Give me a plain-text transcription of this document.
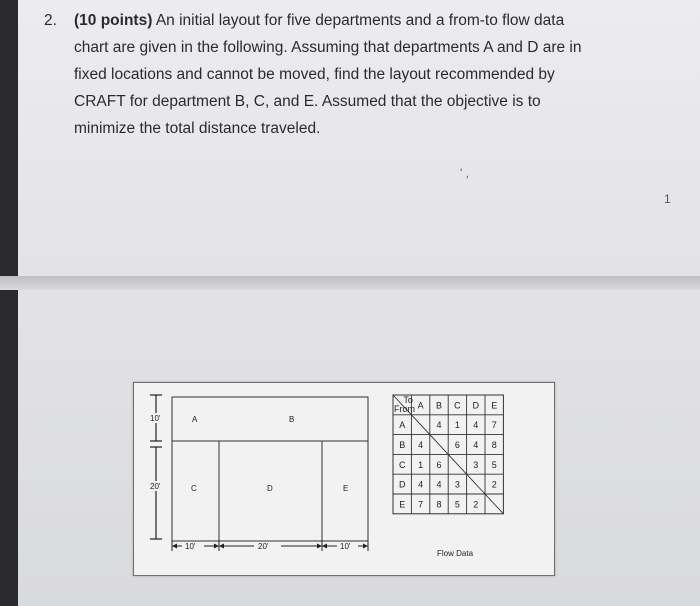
2. (10 points) An initial layout for five departments and a from-to flow data

chart are given in the following. Assuming that departments A and D are in

fixed locations and cannot be moved, find the layout recommended by

CRAFT for department B, C, and E. Assumed that the objective is to

minimize the total distance traveled.

' ,
1
A	B
C	D	E
10'
20'
10'	20'	10'
To
From A B C D E
A	4 1 4 7
B 4	6 4 8
C 1 6	3 5
D 4 4 3	2
E 7 8 5 2
Flow Data
